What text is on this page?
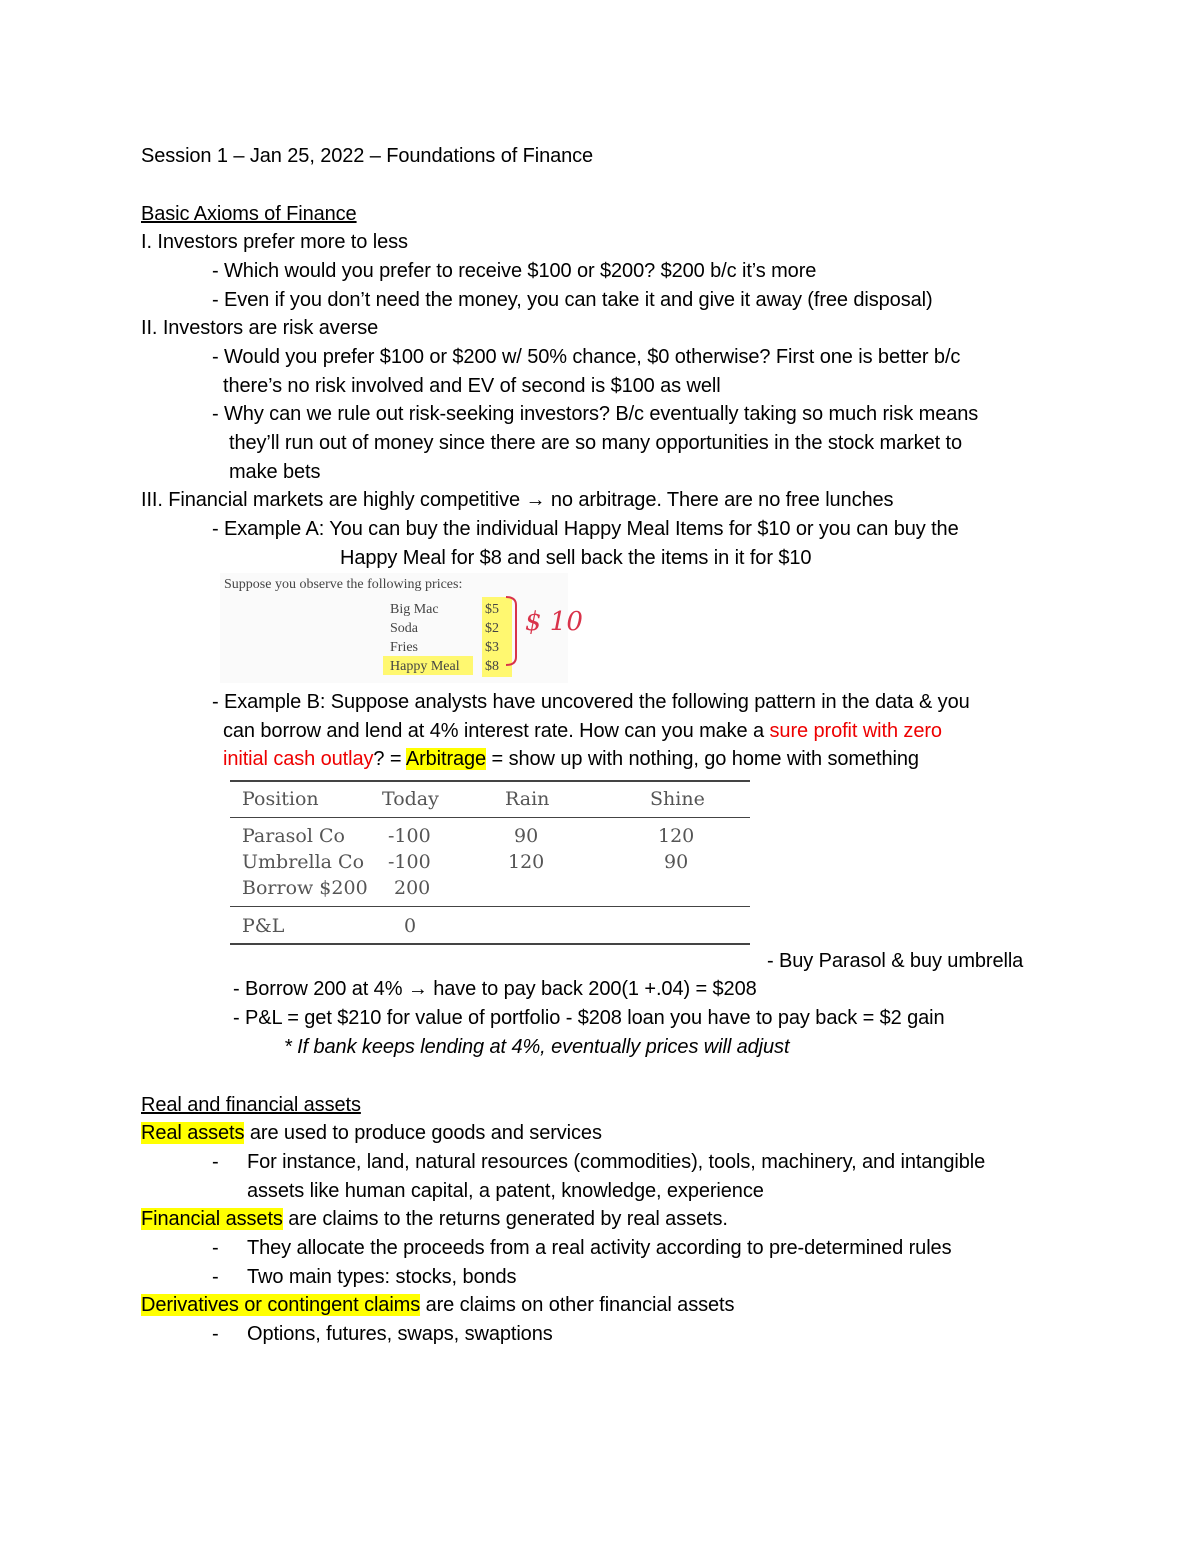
Session 1 – Jan 25, 2022 – Foundations of Finance
Basic Axioms of Finance
I. Investors prefer more to less
- Which would you prefer to receive $100 or $200? $200 b/c it’s more
- Even if you don’t need the money, you can take it and give it away (free disposal)
II. Investors are risk averse
- Would you prefer $100 or $200 w/ 50% chance, $0 otherwise? First one is better b/c
there’s no risk involved and EV of second is $100 as well
- Why can we rule out risk-seeking investors? B/c eventually taking so much risk means
they’ll run out of money since there are so many opportunities in the stock market to
make bets
III. Financial markets are highly competitive → no arbitrage. There are no free lunches
- Example A: You can buy the individual Happy Meal Items for $10 or you can buy the
Happy Meal for $8 and sell back the items in it for $10
Suppose you observe the following prices:
Big Mac	$5
Soda	$2
Fries	$3
Happy Meal $8
$ 10
- Example B: Suppose analysts have uncovered the following pattern in the data & you
can borrow and lend at 4% interest rate. How can you make a sure profit with zero
initial cash outlay? = Arbitrage = show up with nothing, go home with something
Position	Today	Rain	Shine
Parasol Co -100	90	120
Umbrella Co -100	120	90
Borrow $200 200
P&L	0
- Buy Parasol & buy umbrella
- Borrow 200 at 4% → have to pay back 200(1 +.04) = $208
- P&L = get $210 for value of portfolio - $208 loan you have to pay back = $2 gain
* If bank keeps lending at 4%, eventually prices will adjust
Real and financial assets
Real assets are used to produce goods and services
- For instance, land, natural resources (commodities), tools, machinery, and intangible
assets like human capital, a patent, knowledge, experience
Financial assets are claims to the returns generated by real assets.
- They allocate the proceeds from a real activity according to pre-determined rules
- Two main types: stocks, bonds
Derivatives or contingent claims are claims on other financial assets
- Options, futures, swaps, swaptions
